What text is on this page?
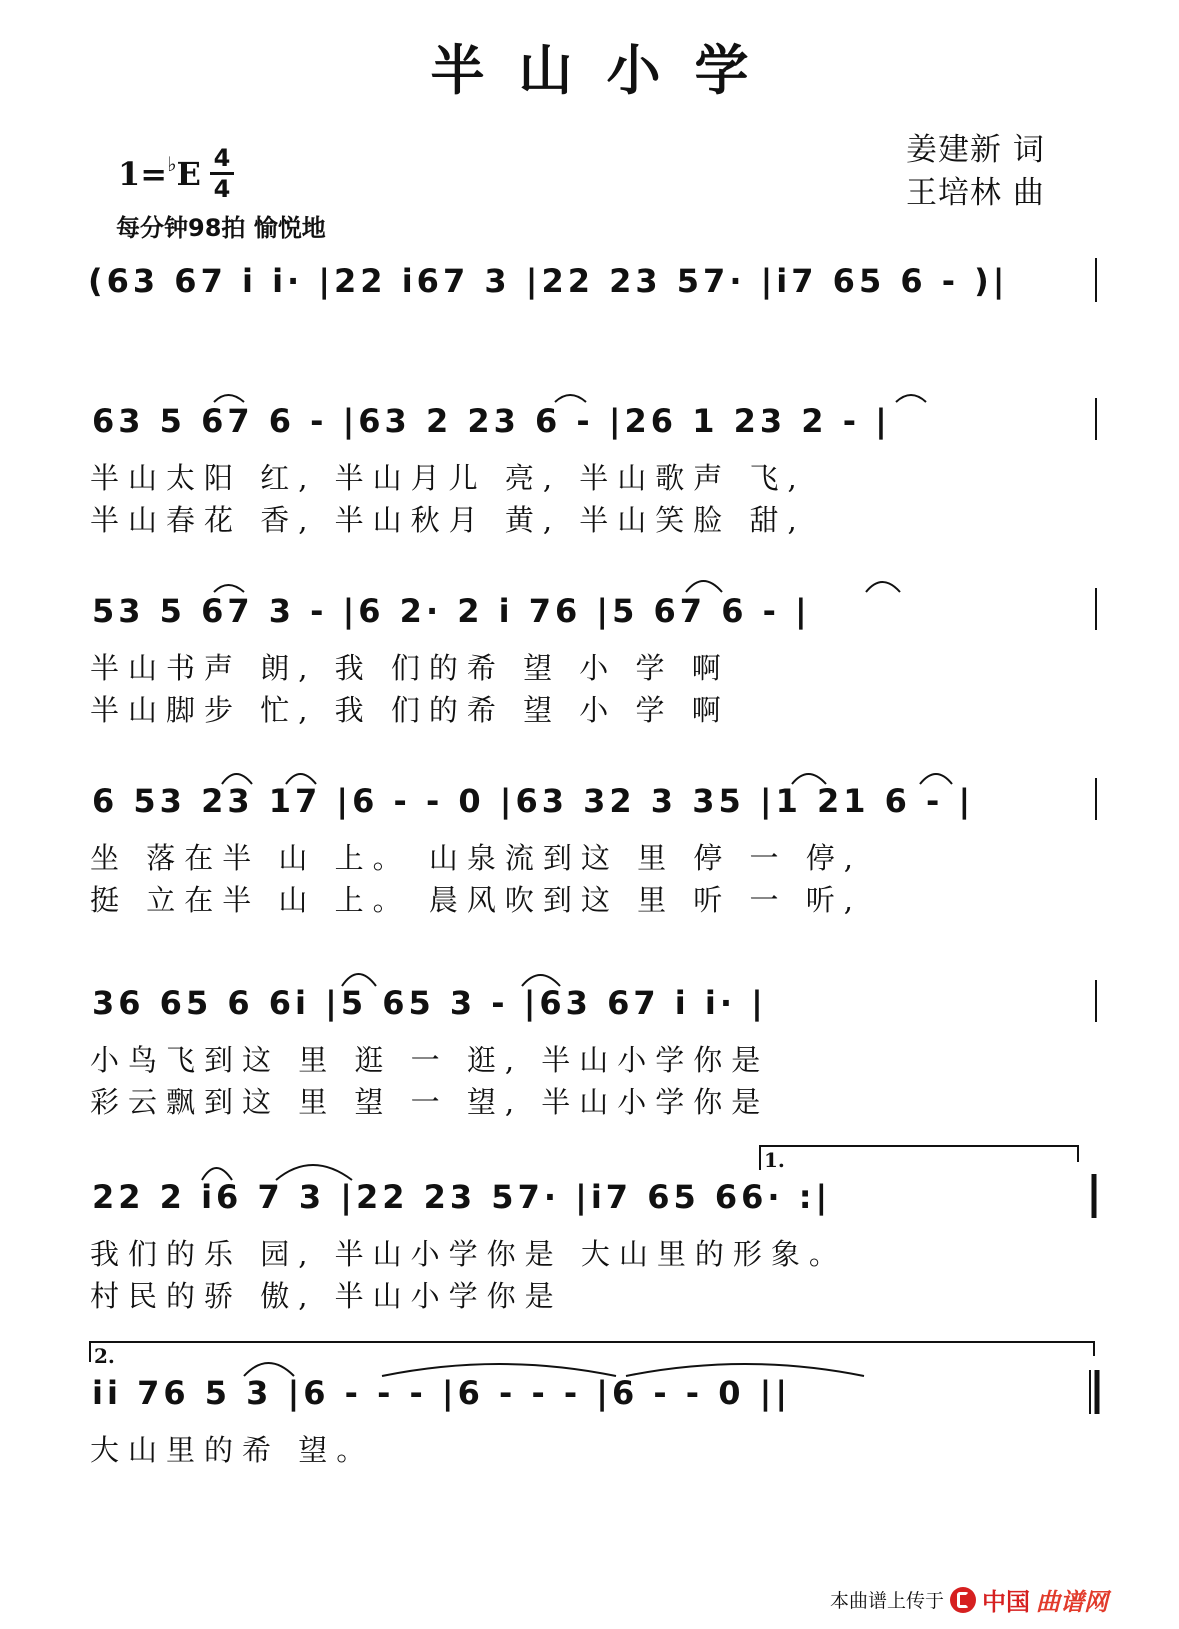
半山小学
姜建新 词
王培林 曲
1=♭E 4
4
每分钟98拍 愉悦地
(63 67 i i· |22 i67 3 |22 23 57· |i7 65 6 - )|
63 5 67 6 - |63 2 23 6 - |26 1 23 2 - |
半山太阳 红, 半山月儿 亮, 半山歌声 飞,
半山春花 香, 半山秋月 黄, 半山笑脸 甜,
53 5 67 3 - |6 2· 2 i 76 |5 67 6 - |
半山书声 朗, 我 们的希 望 小 学 啊
半山脚步 忙, 我 们的希 望 小 学 啊
6 53 23 17 |6 - - 0 |63 32 3 35 |1 21 6 - |
坐 落在半 山 上。 山泉流到这 里 停 一 停,
挺 立在半 山 上。 晨风吹到这 里 听 一 听,
36 65 6 6i |5 65 3 - |63 67 i i· |
小鸟飞到这 里 逛 一 逛, 半山小学你是
彩云飘到这 里 望 一 望, 半山小学你是
22 2 i6 7 3 |22 23 57· |i7 65 66· :|
我们的乐 园, 半山小学你是 大山里的形象。
村民的骄 傲, 半山小学你是
1.
ii 76 5 3 |6 - - - |6 - - - |6 - - 0 ||
大山里的希 望。
2.
本曲谱上传于 中国 曲谱网
